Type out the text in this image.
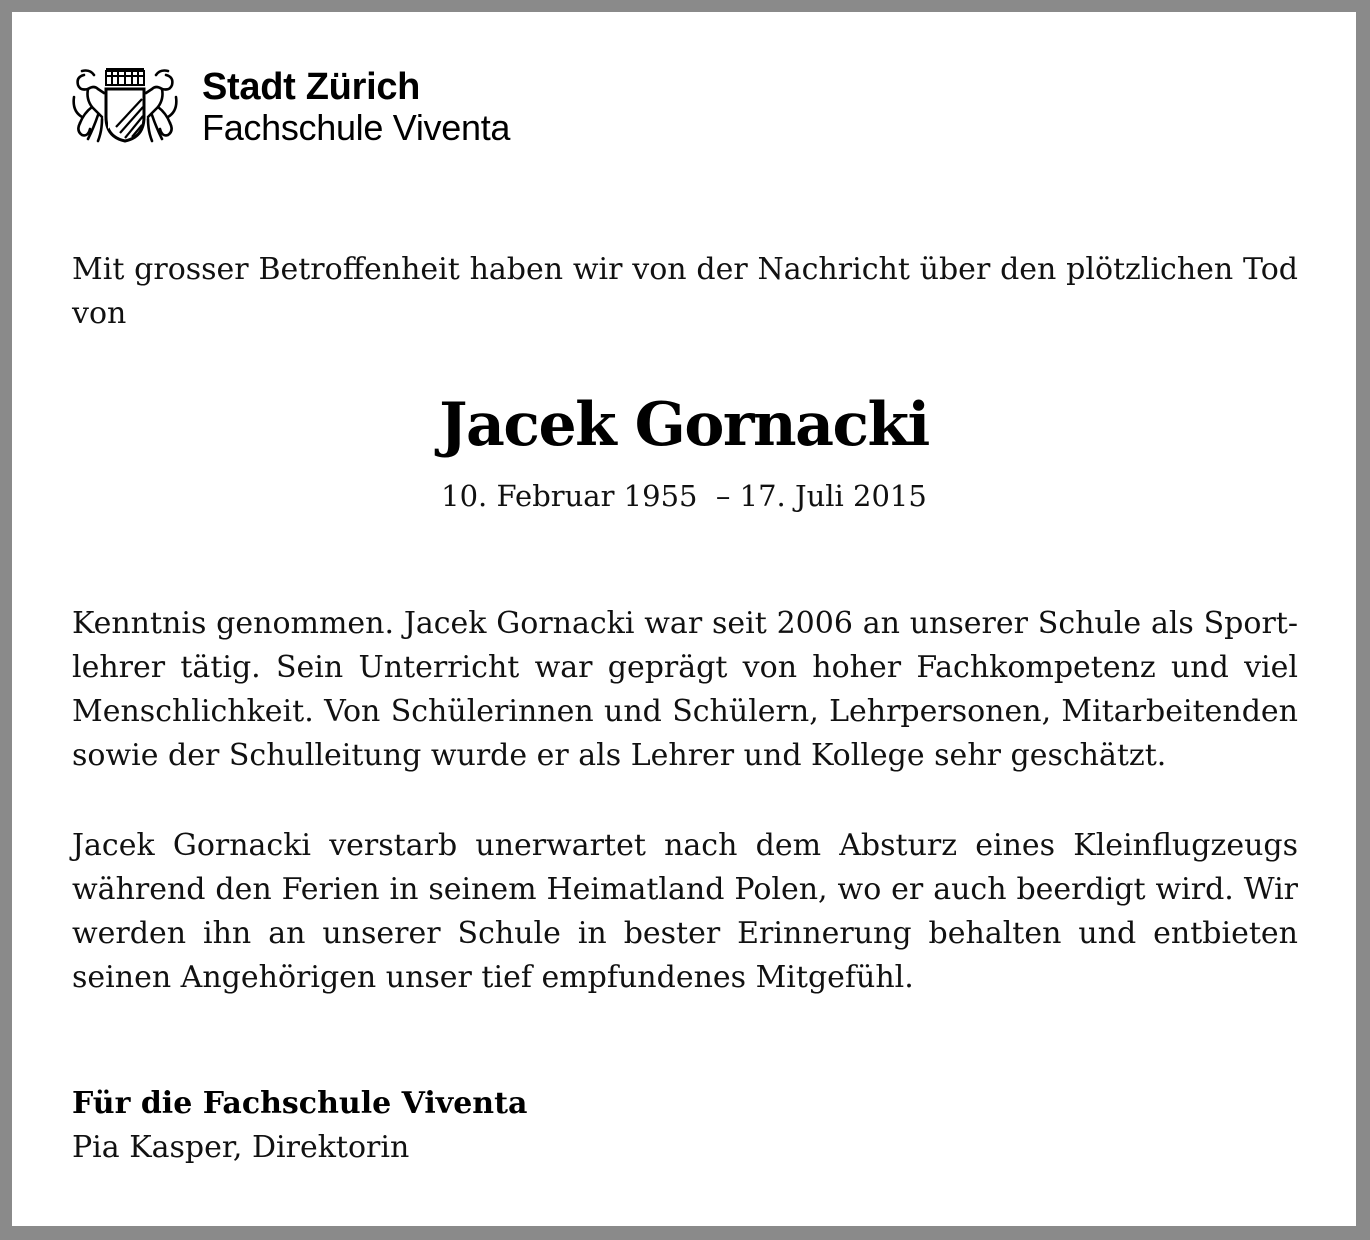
Stadt Zürich
Fachschule Viventa

Mit grosser Betroffenheit haben wir von der Nachricht über den plötzlichen Tod von

Jacek Gornacki

10. Februar 1955  – 17. Juli 2015

Kenntnis genommen. Jacek Gornacki war seit 2006 an unserer Schule als Sportlehrer tätig. Sein Unterricht war geprägt von hoher Fachkompetenz und viel Menschlichkeit. Von Schülerinnen und Schülern, Lehrpersonen, Mitarbeitenden sowie der Schulleitung wurde er als Lehrer und Kollege sehr geschätzt.

Jacek Gornacki verstarb unerwartet nach dem Absturz eines Kleinflugzeugs während den Ferien in seinem Heimatland Polen, wo er auch beerdigt wird. Wir werden ihn an unserer Schule in bester Erinnerung behalten und entbieten seinen Angehörigen unser tief empfundenes Mitgefühl.

Für die Fachschule Viventa

Pia Kasper, Direktorin
